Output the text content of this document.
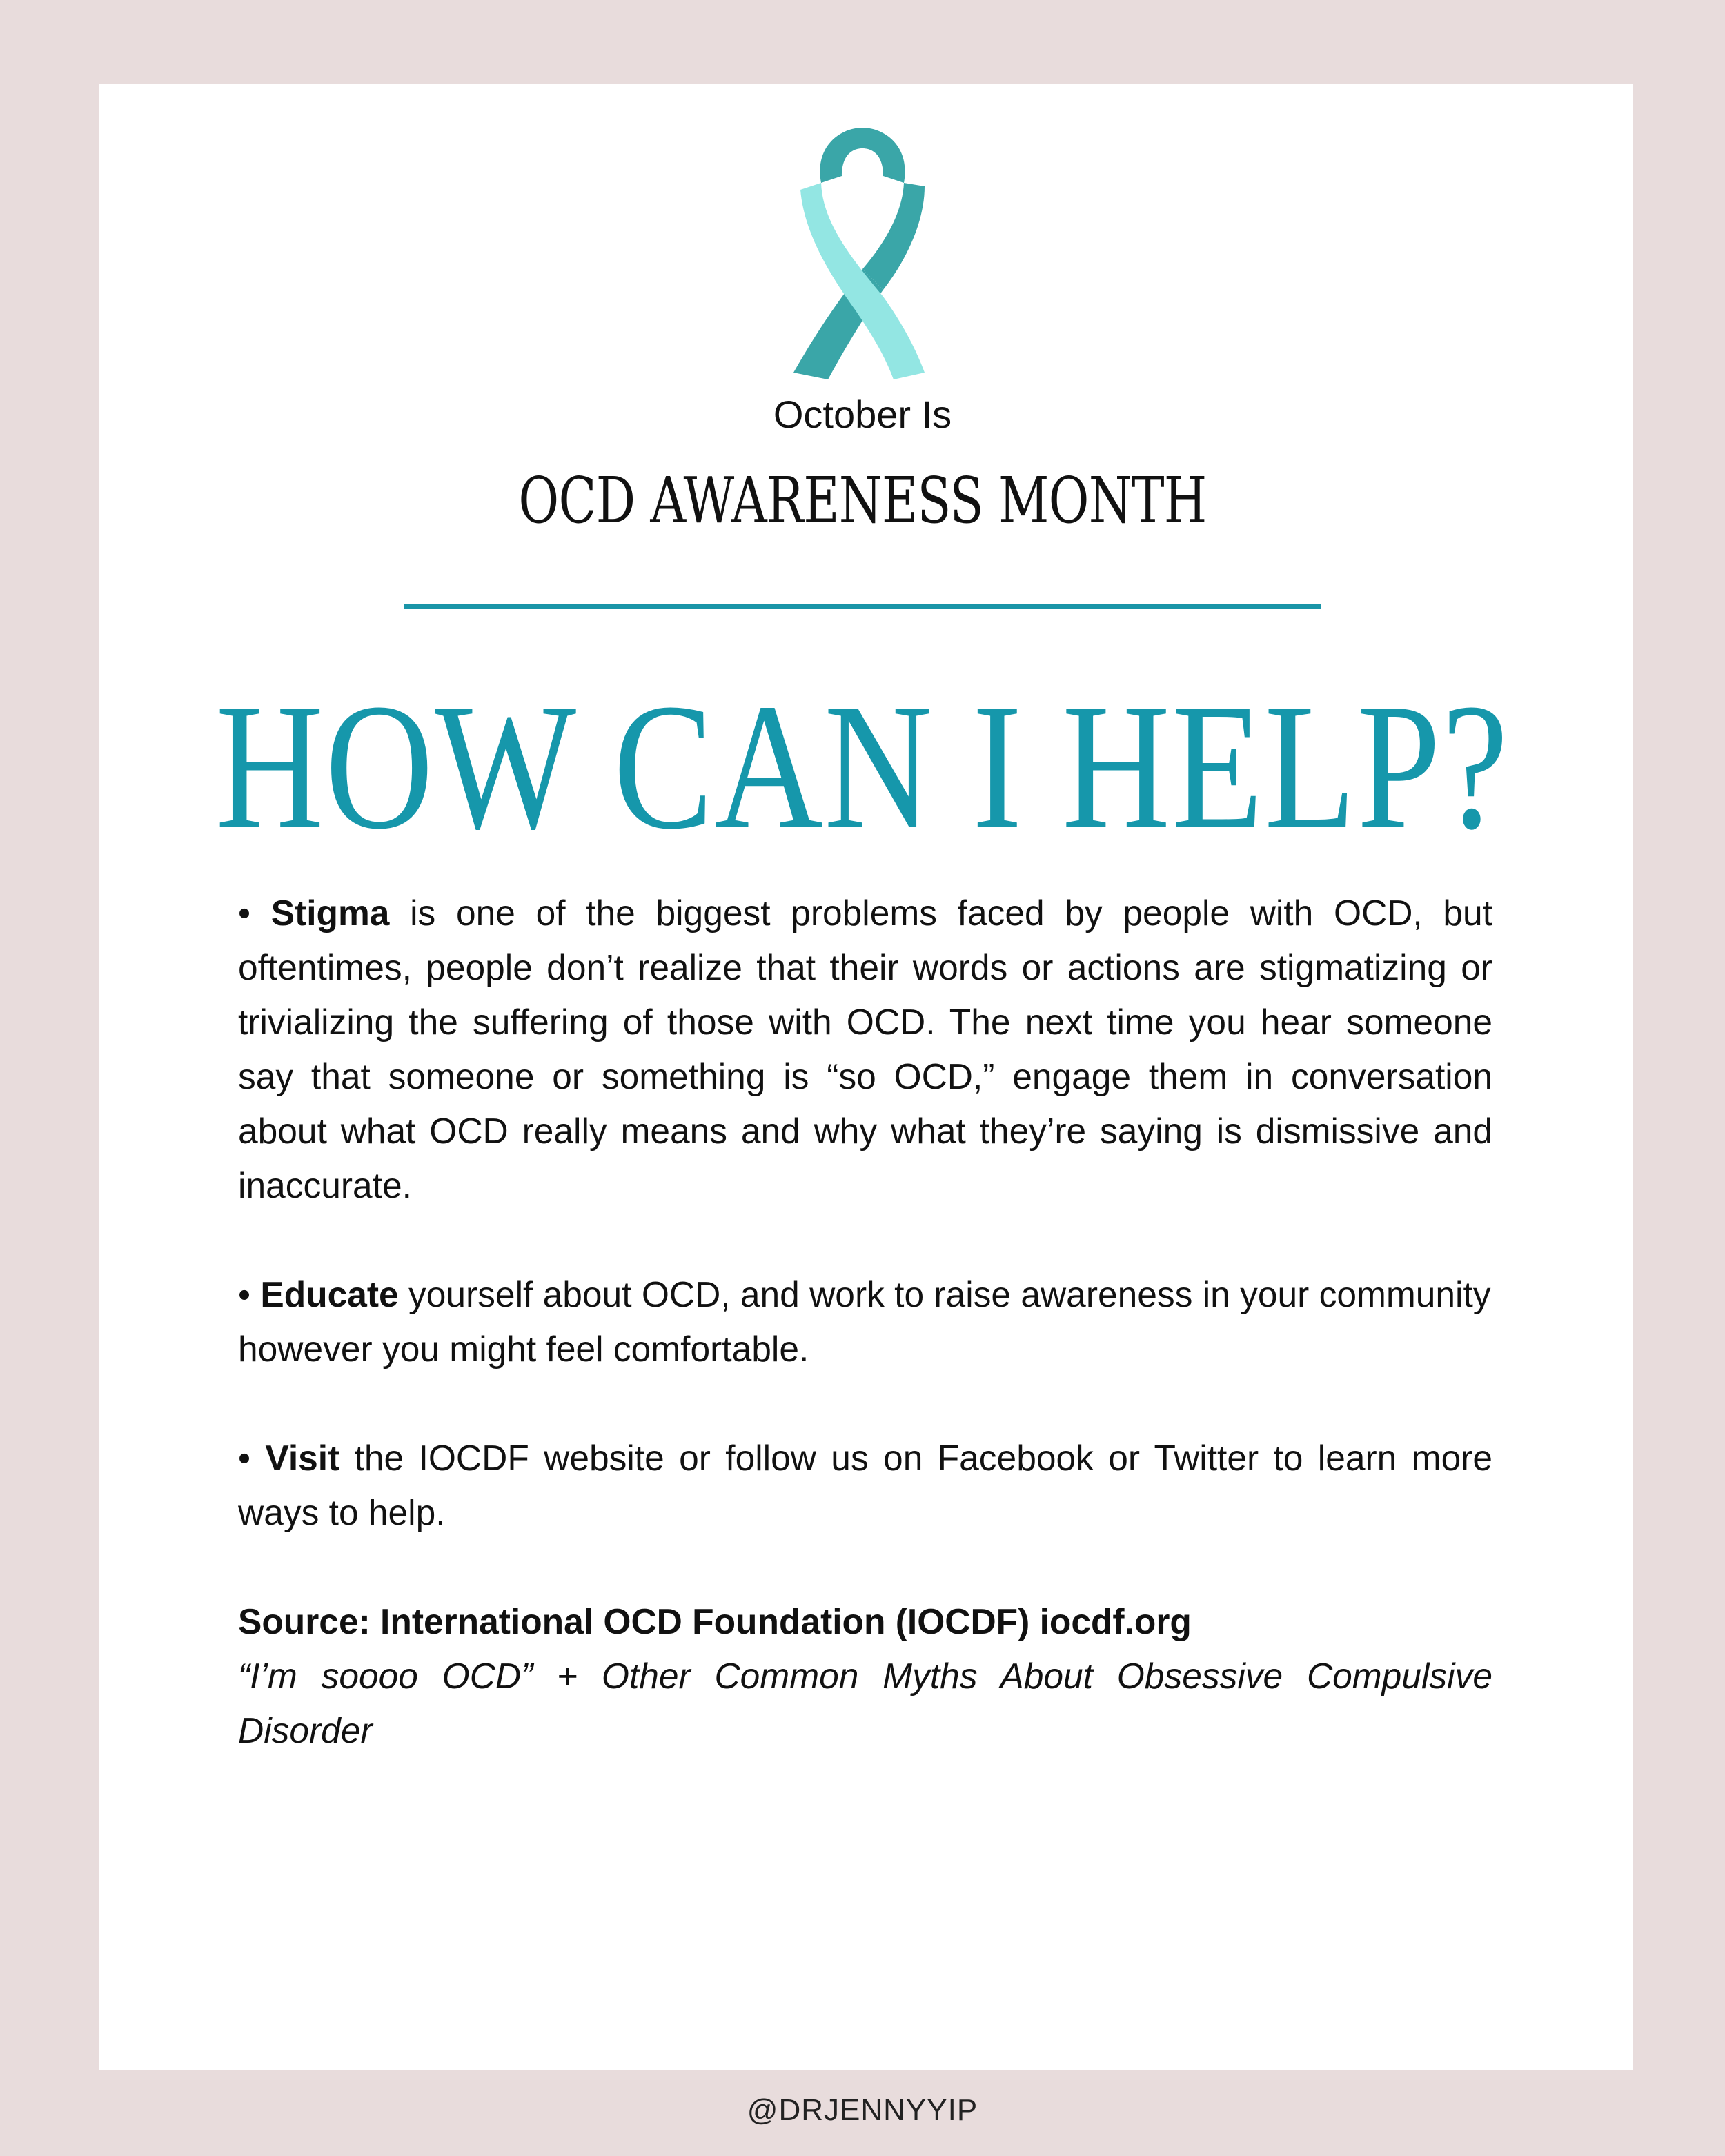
October Is
OCD AWARENESS MONTH
HOW CAN I HELP?

• Stigma is one of the biggest problems faced by people with OCD, but oftentimes, people don’t realize that their words or actions are stigmatizing or trivializing the suffering of those with OCD. The next time you hear someone say that someone or something is “so OCD,” engage them in conversation about what OCD really means and why what they’re saying is dismissive and inaccurate.

• Educate yourself about OCD, and work to raise awareness in your community
however you might feel comfortable.

• Visit the IOCDF website or follow us on Facebook or Twitter to learn more ways to help.

Source: International OCD Foundation (IOCDF) iocdf.org
“I’m soooo OCD” + Other Common Myths About Obsessive Compulsive Disorder

@DRJENNYYIP
